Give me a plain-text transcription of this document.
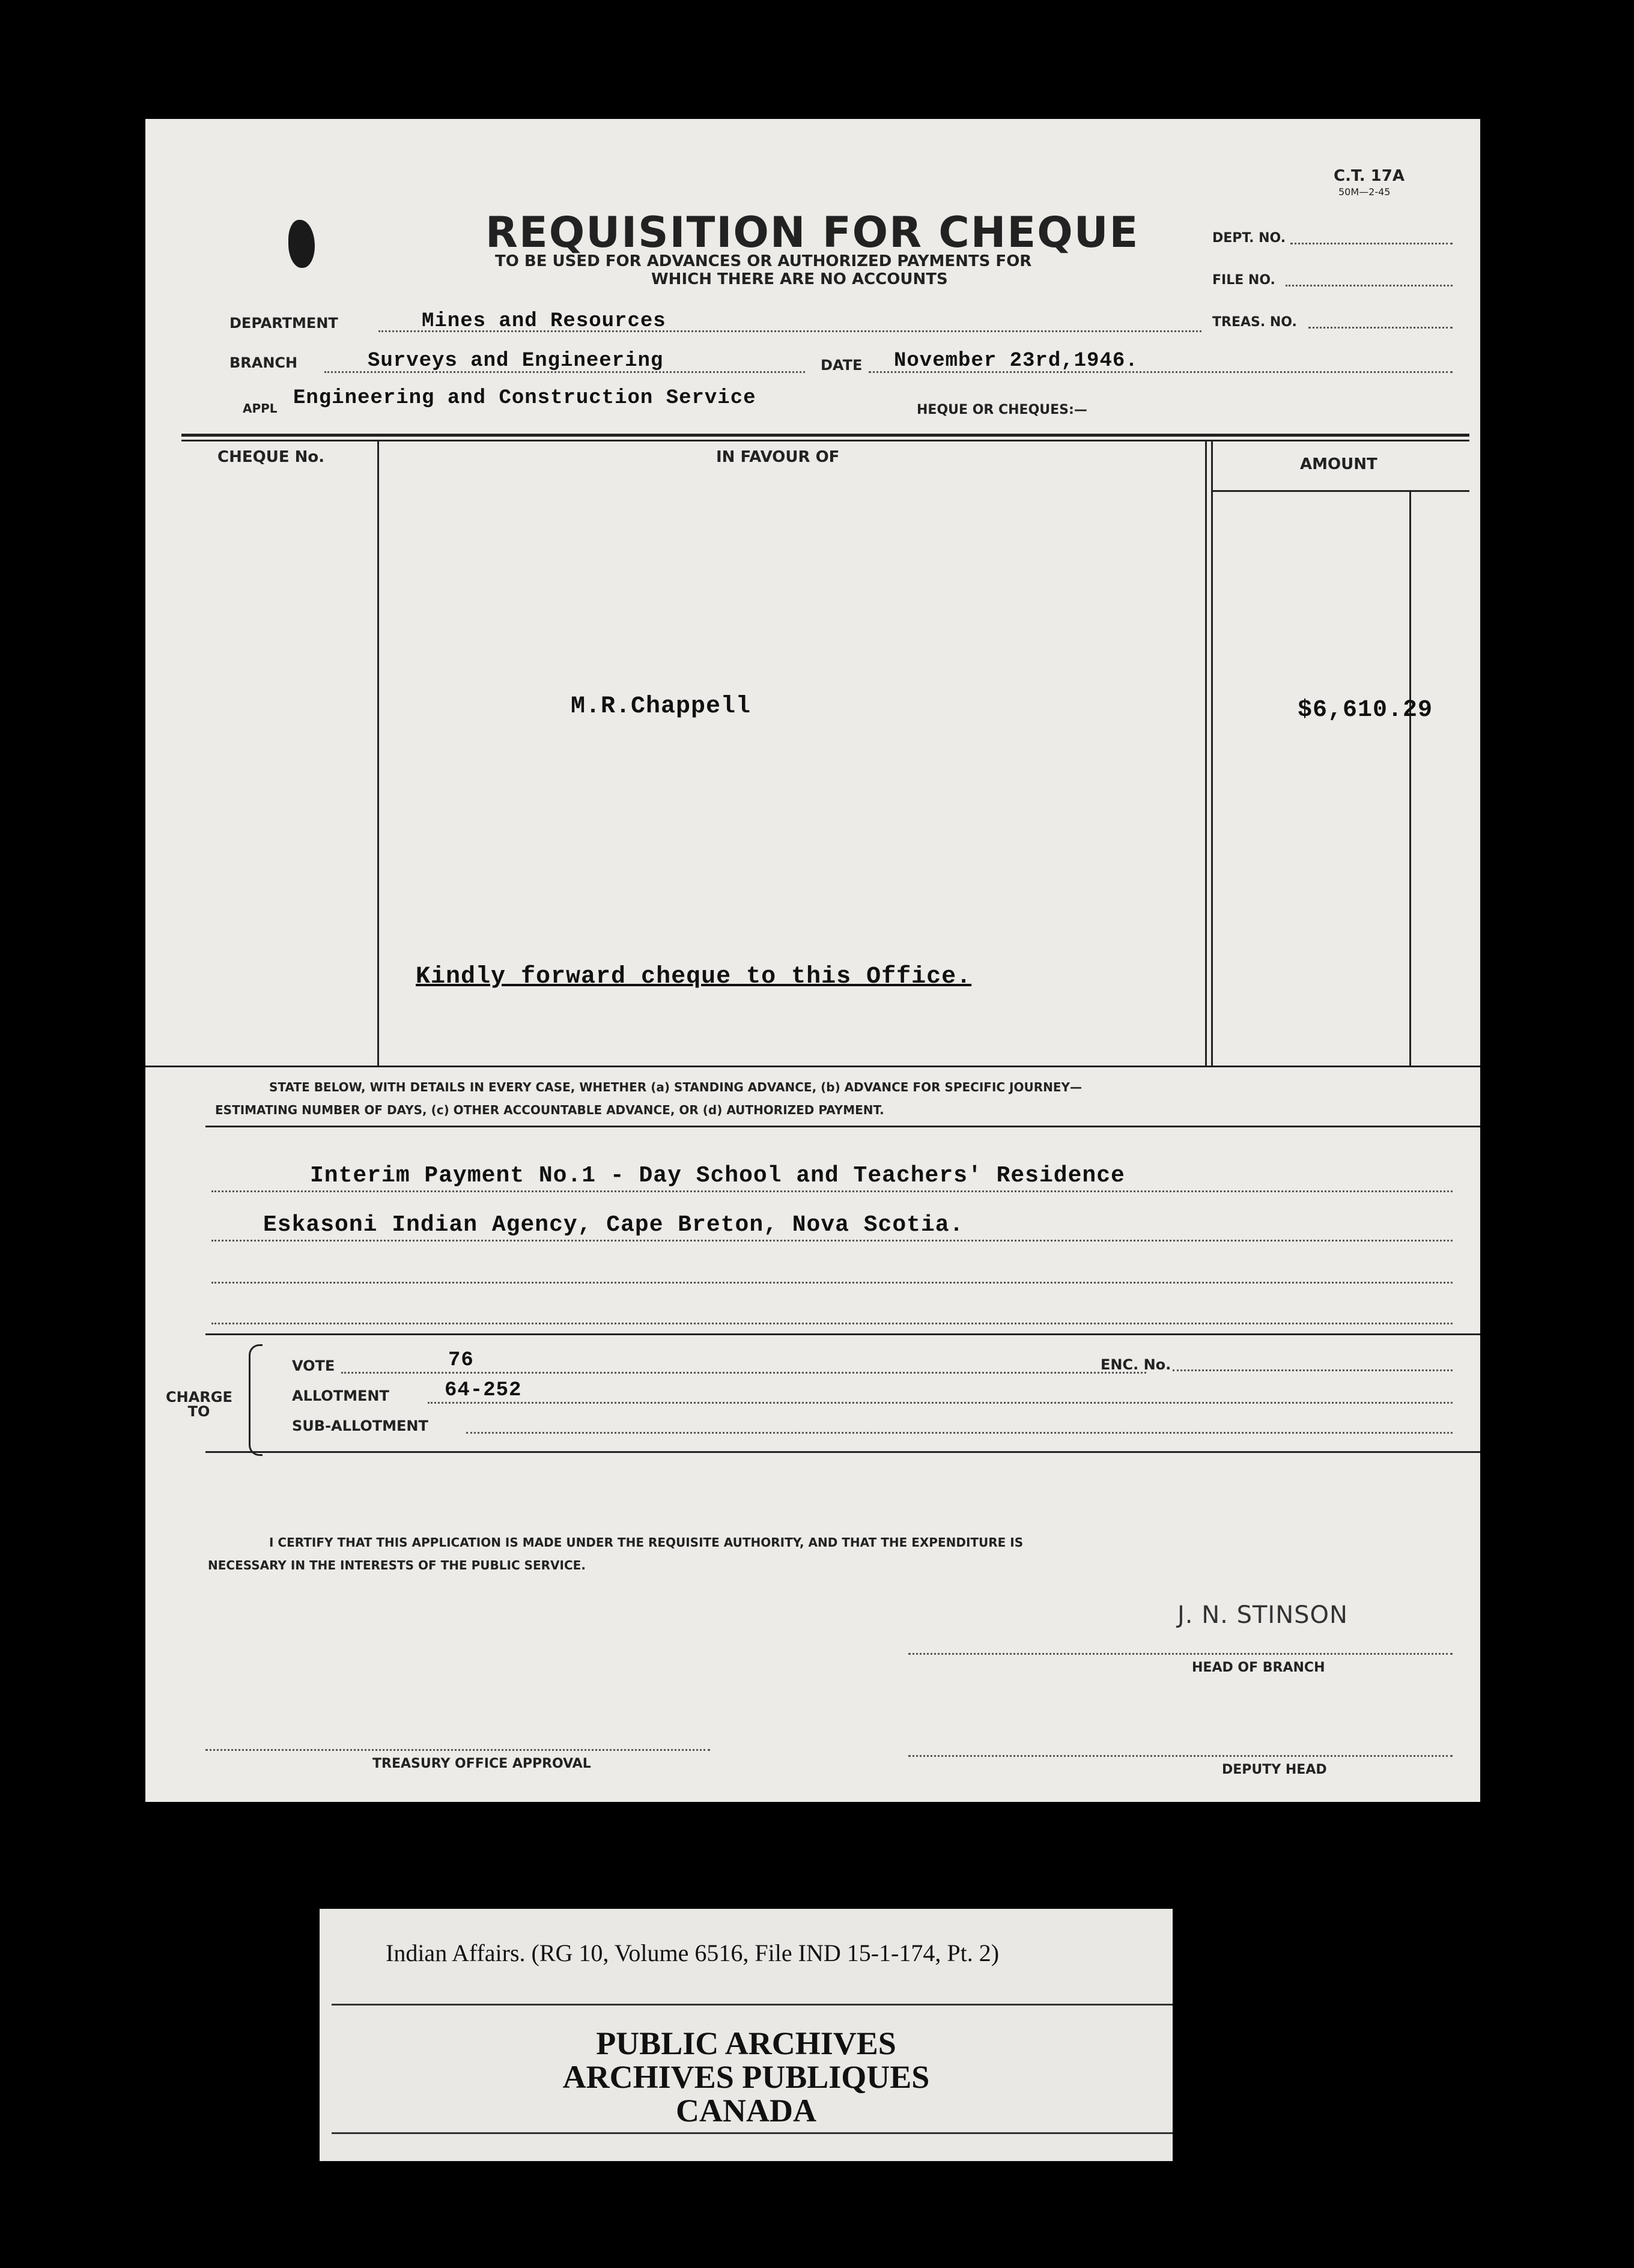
C.T. 17A
50M—2-45
REQUISITION FOR CHEQUE
TO BE USED FOR ADVANCES OR AUTHORIZED PAYMENTS FOR
WHICH THERE ARE NO ACCOUNTS
DEPT. NO.
FILE NO.
TREAS. NO.
DEPARTMENT	Mines and Resources
BRANCH	Surveys and Engineering	DATE November 23rd,1946.
APPL Engineering and Construction Service
HEQUE OR CHEQUES:—
CHEQUE No.	IN FAVOUR OF	AMOUNT
M.R.Chappell	$6,610.29
Kindly forward cheque to this Office.
STATE BELOW, WITH DETAILS IN EVERY CASE, WHETHER (a) STANDING ADVANCE, (b) ADVANCE FOR SPECIFIC JOURNEY—
ESTIMATING NUMBER OF DAYS, (c) OTHER ACCOUNTABLE ADVANCE, OR (d) AUTHORIZED PAYMENT.
Interim Payment No.1 - Day School and Teachers' Residence
Eskasoni Indian Agency, Cape Breton, Nova Scotia.
CHARGE TO
VOTE	76	ENC. No.
ALLOTMENT	64-252
SUB-ALLOTMENT
I CERTIFY THAT THIS APPLICATION IS MADE UNDER THE REQUISITE AUTHORITY, AND THAT THE EXPENDITURE IS
NECESSARY IN THE INTERESTS OF THE PUBLIC SERVICE.
J. N. STINSON
HEAD OF BRANCH
TREASURY OFFICE APPROVAL	DEPUTY HEAD
Indian Affairs. (RG 10, Volume 6516, File IND 15-1-174, Pt. 2)
PUBLIC ARCHIVES
ARCHIVES PUBLIQUES
CANADA
